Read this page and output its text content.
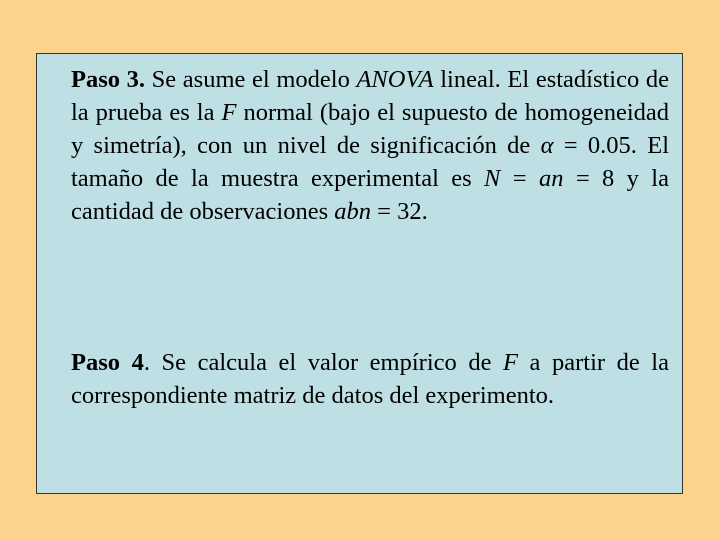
Paso 3. Se asume el modelo ANOVA lineal. El estadístico de la prueba es la F normal (bajo el supuesto de homogeneidad y simetría), con un nivel de significación de α = 0.05. El tamaño de la muestra experimental es N = an = 8 y la cantidad de observaciones abn = 32.

Paso 4. Se calcula el valor empírico de F a partir de la correspondiente matriz de datos del experimento.
